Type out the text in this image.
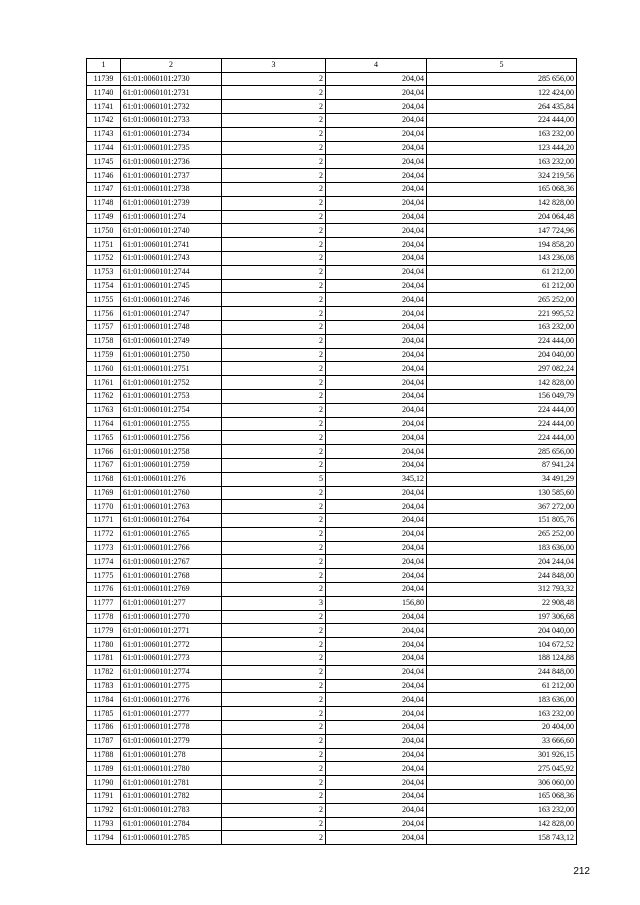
1	2	3	4	5
11739	61:01:0060101:2730	2	204,04	285 656,00
11740	61:01:0060101:2731	2	204,04	122 424,00
11741	61:01:0060101:2732	2	204,04	264 435,84
11742	61:01:0060101:2733	2	204,04	224 444,00
11743	61:01:0060101:2734	2	204,04	163 232,00
11744	61:01:0060101:2735	2	204,04	123 444,20
11745	61:01:0060101:2736	2	204,04	163 232,00
11746	61:01:0060101:2737	2	204,04	324 219,56
11747	61:01:0060101:2738	2	204,04	165 068,36
11748	61:01:0060101:2739	2	204,04	142 828,00
11749	61:01:0060101:274	2	204,04	204 064,48
11750	61:01:0060101:2740	2	204,04	147 724,96
11751	61:01:0060101:2741	2	204,04	194 858,20
11752	61:01:0060101:2743	2	204,04	143 236,08
11753	61:01:0060101:2744	2	204,04	61 212,00
11754	61:01:0060101:2745	2	204,04	61 212,00
11755	61:01:0060101:2746	2	204,04	265 252,00
11756	61:01:0060101:2747	2	204,04	221 995,52
11757	61:01:0060101:2748	2	204,04	163 232,00
11758	61:01:0060101:2749	2	204,04	224 444,00
11759	61:01:0060101:2750	2	204,04	204 040,00
11760	61:01:0060101:2751	2	204,04	297 082,24
11761	61:01:0060101:2752	2	204,04	142 828,00
11762	61:01:0060101:2753	2	204,04	156 049,79
11763	61:01:0060101:2754	2	204,04	224 444,00
11764	61:01:0060101:2755	2	204,04	224 444,00
11765	61:01:0060101:2756	2	204,04	224 444,00
11766	61:01:0060101:2758	2	204,04	285 656,00
11767	61:01:0060101:2759	2	204,04	87 941,24
11768	61:01:0060101:276	5	345,12	34 491,29
11769	61:01:0060101:2760	2	204,04	130 585,60
11770	61:01:0060101:2763	2	204,04	367 272,00
11771	61:01:0060101:2764	2	204,04	151 805,76
11772	61:01:0060101:2765	2	204,04	265 252,00
11773	61:01:0060101:2766	2	204,04	183 636,00
11774	61:01:0060101:2767	2	204,04	204 244,04
11775	61:01:0060101:2768	2	204,04	244 848,00
11776	61:01:0060101:2769	2	204,04	312 793,32
11777	61:01:0060101:277	3	156,80	22 908,48
11778	61:01:0060101:2770	2	204,04	197 306,68
11779	61:01:0060101:2771	2	204,04	204 040,00
11780	61:01:0060101:2772	2	204,04	104 672,52
11781	61:01:0060101:2773	2	204,04	188 124,88
11782	61:01:0060101:2774	2	204,04	244 848,00
11783	61:01:0060101:2775	2	204,04	61 212,00
11784	61:01:0060101:2776	2	204,04	183 636,00
11785	61:01:0060101:2777	2	204,04	163 232,00
11786	61:01:0060101:2778	2	204,04	20 404,00
11787	61:01:0060101:2779	2	204,04	33 666,60
11788	61:01:0060101:278	2	204,04	301 926,15
11789	61:01:0060101:2780	2	204,04	275 045,92
11790	61:01:0060101:2781	2	204,04	306 060,00
11791	61:01:0060101:2782	2	204,04	165 068,36
11792	61:01:0060101:2783	2	204,04	163 232,00
11793	61:01:0060101:2784	2	204,04	142 828,00
11794	61:01:0060101:2785	2	204,04	158 743,12
212
